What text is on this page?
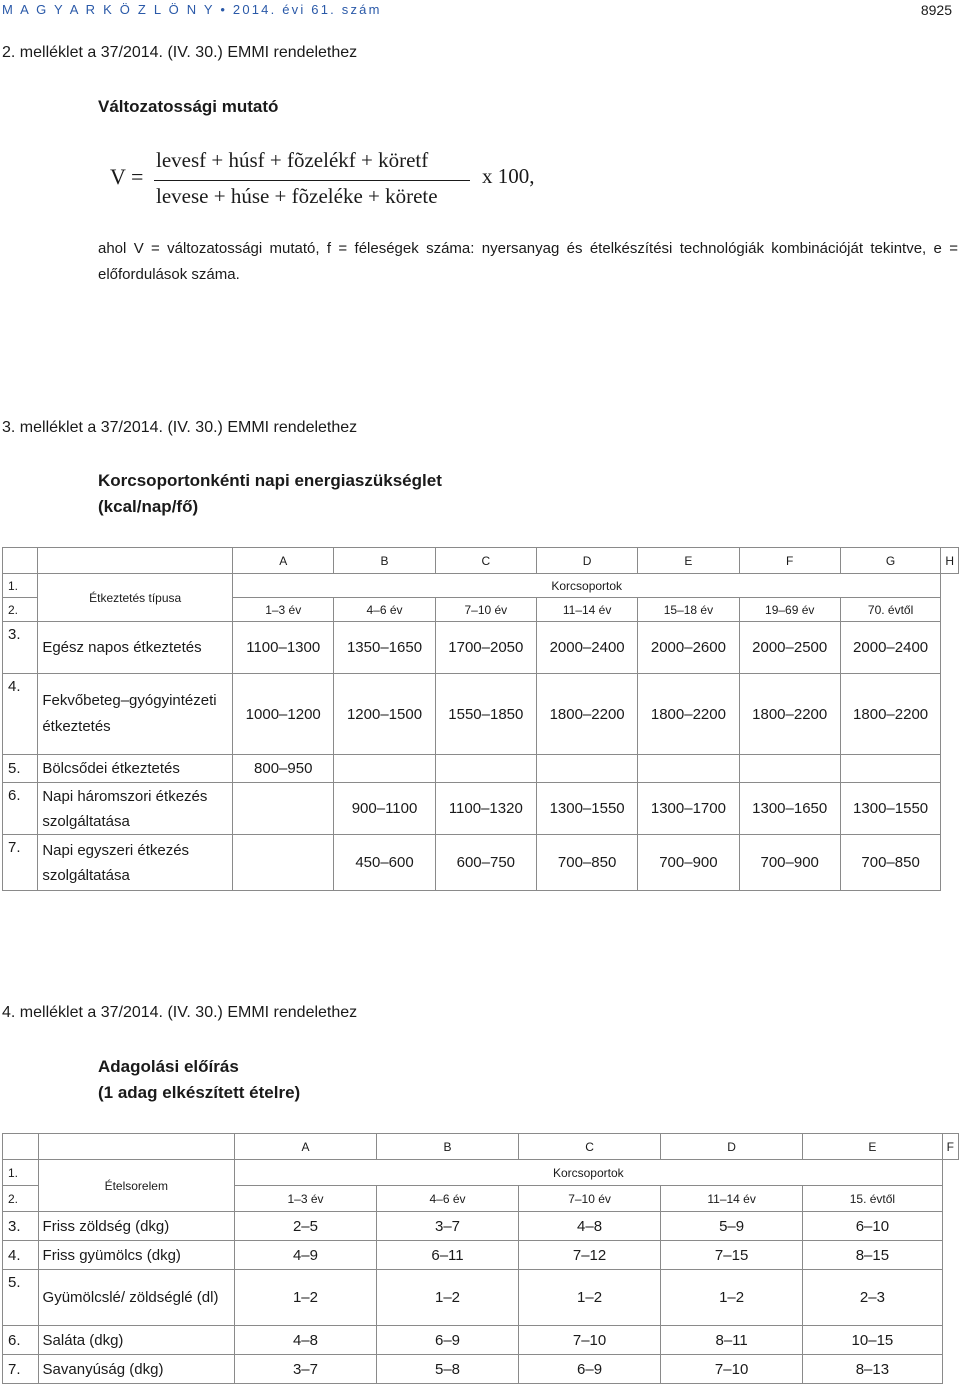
M A G Y A R K Ö Z L Ö N Y • 2014. évi 61. szám	8925
2. melléklet a 37/2014. (IV. 30.) EMMI rendelethez
Változatossági mutató
V =
levesf + húsf + fõzelékf + köretf
levese + húse + fõzeléke + körete
x 100,
ahol V = változatossági mutató, f = féleségek száma: nyersanyag és ételkészítési technológiák kombinációját tekintve, e = előfordulások száma.
3. melléklet a 37/2014. (IV. 30.) EMMI rendelethez
Korcsoportonkénti napi energiaszükséglet
(kcal/nap/fő)
		A	B	C	D	E	F	G	H
1.	Étkeztetés típusa	Korcsoportok							
2.		1–3 év	4–6 év	7–10 év	11–14 év	15–18 év	19–69 év	70. évtől	
3.	Egész napos étkeztetés	1100–1300	1350–1650	1700–2050	2000–2400	2000–2600	2000–2500	2000–2400	
4.	Fekvőbeteg–gyógyintézeti étkeztetés	1000–1200	1200–1500	1550–1850	1800–2200	1800–2200	1800–2200	1800–2200	
5.	Bölcsődei étkeztetés	800–950							
6.	Napi háromszori étkezés szolgáltatása		900–1100	1100–1320	1300–1550	1300–1700	1300–1650	1300–1550	
7.	Napi egyszeri étkezés szolgáltatása		450–600	600–750	700–850	700–900	700–900	700–850	
4. melléklet a 37/2014. (IV. 30.) EMMI rendelethez
Adagolási előírás
(1 adag elkészített ételre)
		A	B	C	D	E	F
1.	Ételsorelem	Korcsoportok					
2.		1–3 év	4–6 év	7–10 év	11–14 év	15. évtől	
3.	Friss zöldség (dkg)	2–5	3–7	4–8	5–9	6–10	
4.	Friss gyümölcs (dkg)	4–9	6–11	7–12	7–15	8–15	
5.	Gyümölcslé/ zöldséglé (dl)	1–2	1–2	1–2	1–2	2–3	
6.	Saláta (dkg)	4–8	6–9	7–10	8–11	10–15	
7.	Savanyúság (dkg)	3–7	5–8	6–9	7–10	8–13	
